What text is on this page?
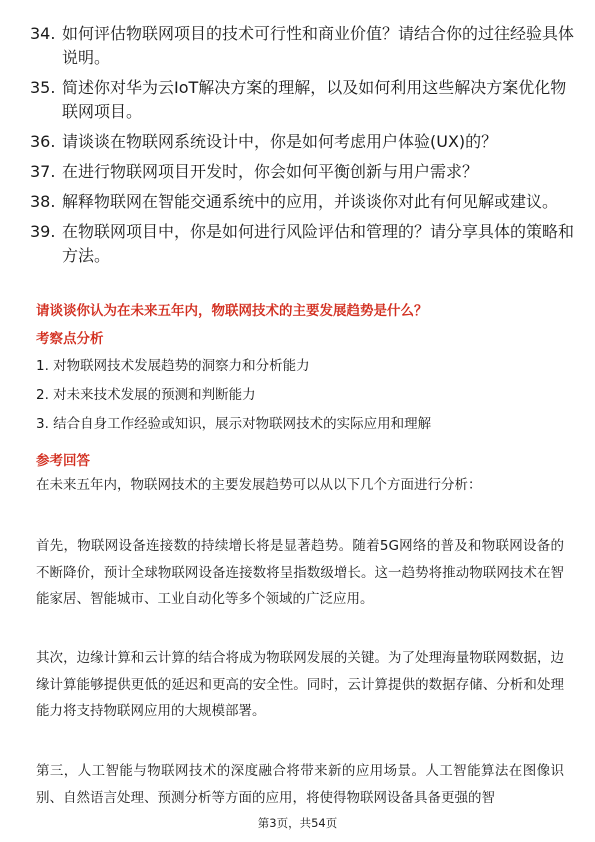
34. 如何评估物联网项目的技术可行性和商业价值？请结合你的过往经验具体说明。
35. 简述你对华为云IoT解决方案的理解，以及如何利用这些解决方案优化物联网项目。
36. 请谈谈在物联网系统设计中，你是如何考虑用户体验(UX)的？
37. 在进行物联网项目开发时，你会如何平衡创新与用户需求？
38. 解释物联网在智能交通系统中的应用，并谈谈你对此有何见解或建议。
39. 在物联网项目中，你是如何进行风险评估和管理的？请分享具体的策略和方法。
请谈谈你认为在未来五年内，物联网技术的主要发展趋势是什么？
考察点分析
1. 对物联网技术发展趋势的洞察力和分析能力
2. 对未来技术发展的预测和判断能力
3. 结合自身工作经验或知识，展示对物联网技术的实际应用和理解
参考回答
在未来五年内，物联网技术的主要发展趋势可以从以下几个方面进行分析：
首先，物联网设备连接数的持续增长将是显著趋势。随着5G网络的普及和物联网设备的不断降价，预计全球物联网设备连接数将呈指数级增长。这一趋势将推动物联网技术在智能家居、智能城市、工业自动化等多个领域的广泛应用。
其次，边缘计算和云计算的结合将成为物联网发展的关键。为了处理海量物联网数据，边缘计算能够提供更低的延迟和更高的安全性。同时，云计算提供的数据存储、分析和处理能力将支持物联网应用的大规模部署。
第三，人工智能与物联网技术的深度融合将带来新的应用场景。人工智能算法在图像识别、自然语言处理、预测分析等方面的应用，将使得物联网设备具备更强的智
第3页，共54页
